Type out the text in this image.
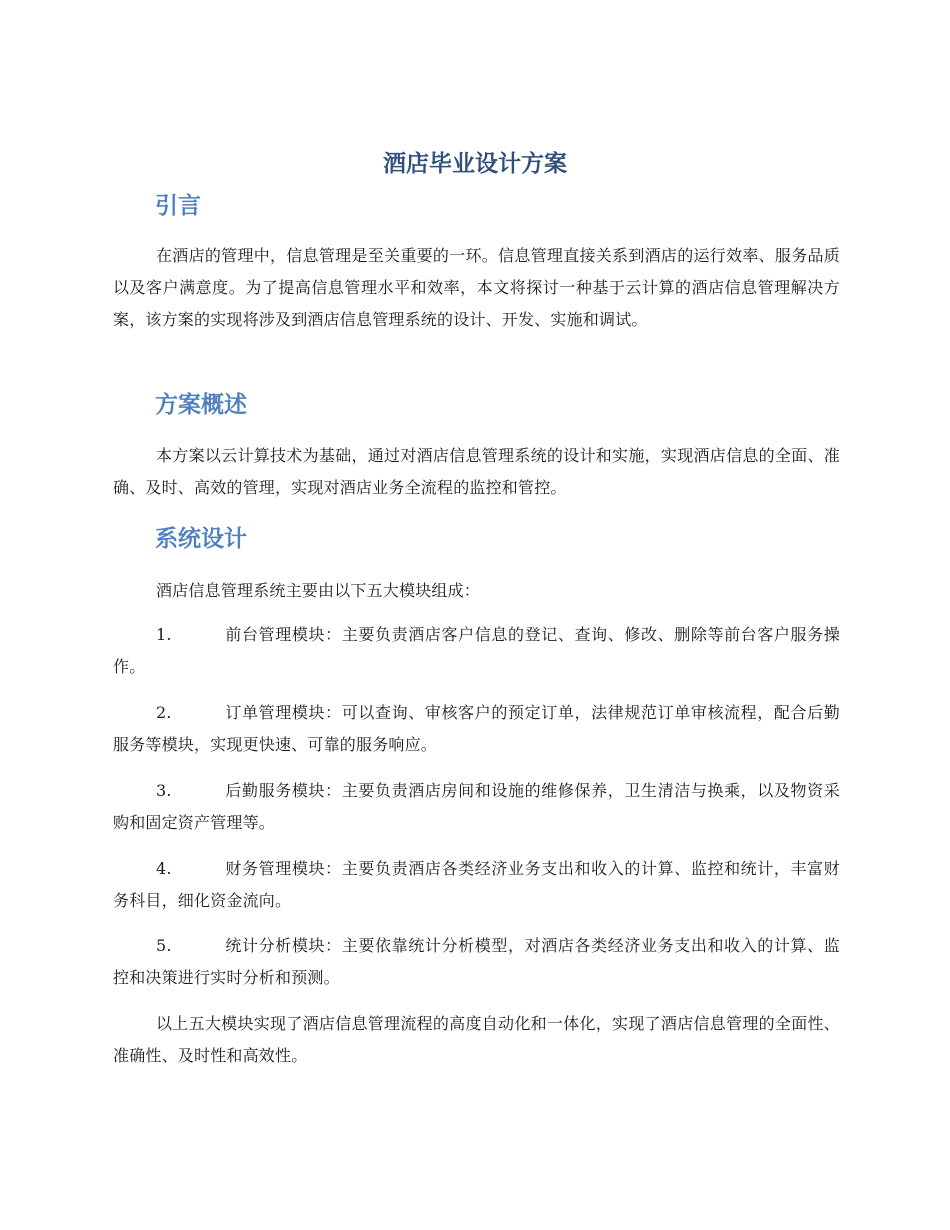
酒店毕业设计方案
引言

在酒店的管理中，信息管理是至关重要的一环。信息管理直接关系到酒店的运行效率、服务品质以及客户满意度。为了提高信息管理水平和效率，本文将探讨一种基于云计算的酒店信息管理解决方案，该方案的实现将涉及到酒店信息管理系统的设计、开发、实施和调试。

方案概述

本方案以云计算技术为基础，通过对酒店信息管理系统的设计和实施，实现酒店信息的全面、准确、及时、高效的管理，实现对酒店业务全流程的监控和管控。

系统设计

酒店信息管理系统主要由以下五大模块组成：

1.	前台管理模块：主要负责酒店客户信息的登记、查询、修改、删除等前台客户服务操作。

2.	订单管理模块：可以查询、审核客户的预定订单，法律规范订单审核流程，配合后勤服务等模块，实现更快速、可靠的服务响应。

3.	后勤服务模块：主要负责酒店房间和设施的维修保养，卫生清洁与换乘，以及物资采购和固定资产管理等。

4.	财务管理模块：主要负责酒店各类经济业务支出和收入的计算、监控和统计，丰富财务科目，细化资金流向。

5.	统计分析模块：主要依靠统计分析模型，对酒店各类经济业务支出和收入的计算、监控和决策进行实时分析和预测。

以上五大模块实现了酒店信息管理流程的高度自动化和一体化，实现了酒店信息管理的全面性、准确性、及时性和高效性。
